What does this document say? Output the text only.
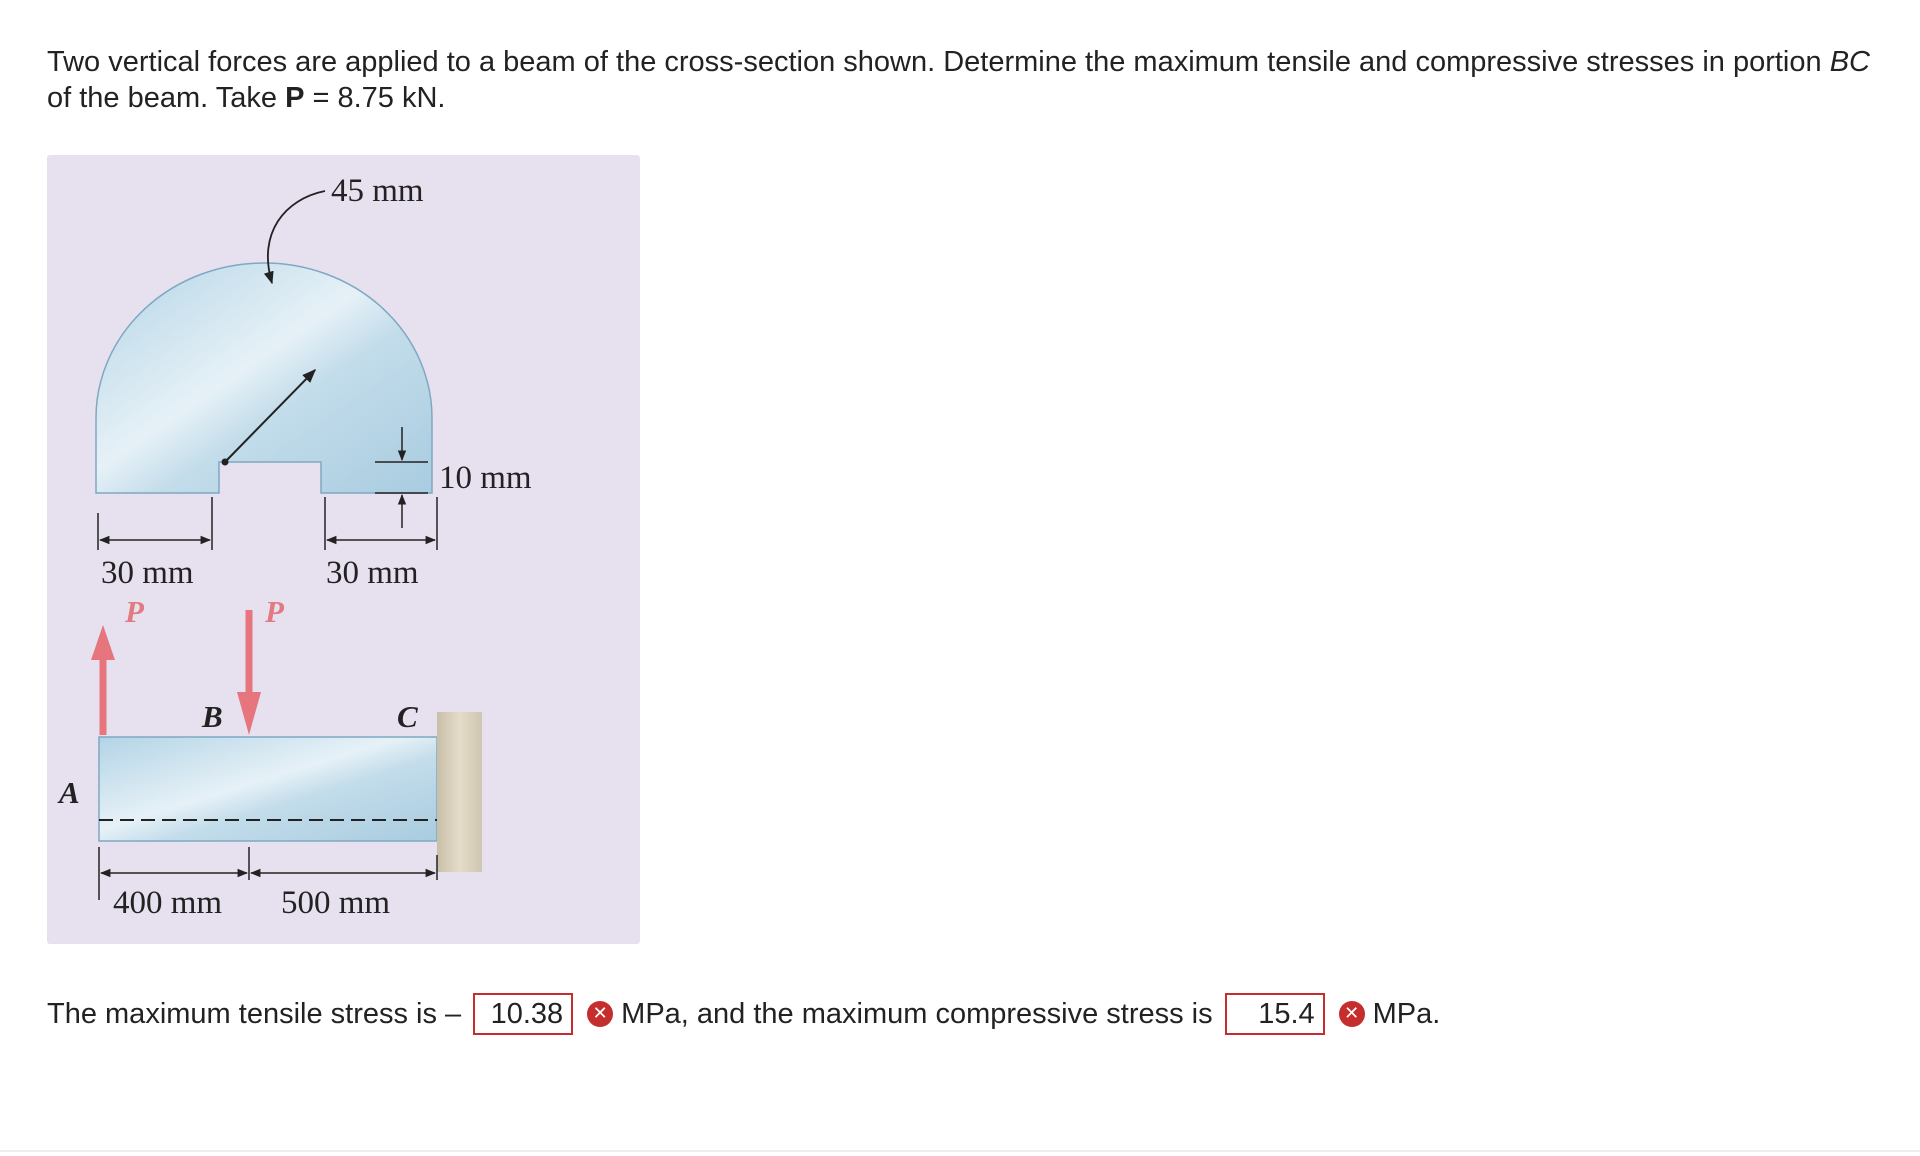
Two vertical forces are applied to a beam of the cross-section shown. Determine the maximum tensile and compressive stresses in portion BC of the beam. Take P = 8.75 kN.

45 mm
10 mm
30 mm	30 mm
P	P
A
B	C
400 mm 500 mm
The maximum tensile stress is –	10.38	✕ MPa, and the maximum compressive stress is	15.4	✕ MPa.
